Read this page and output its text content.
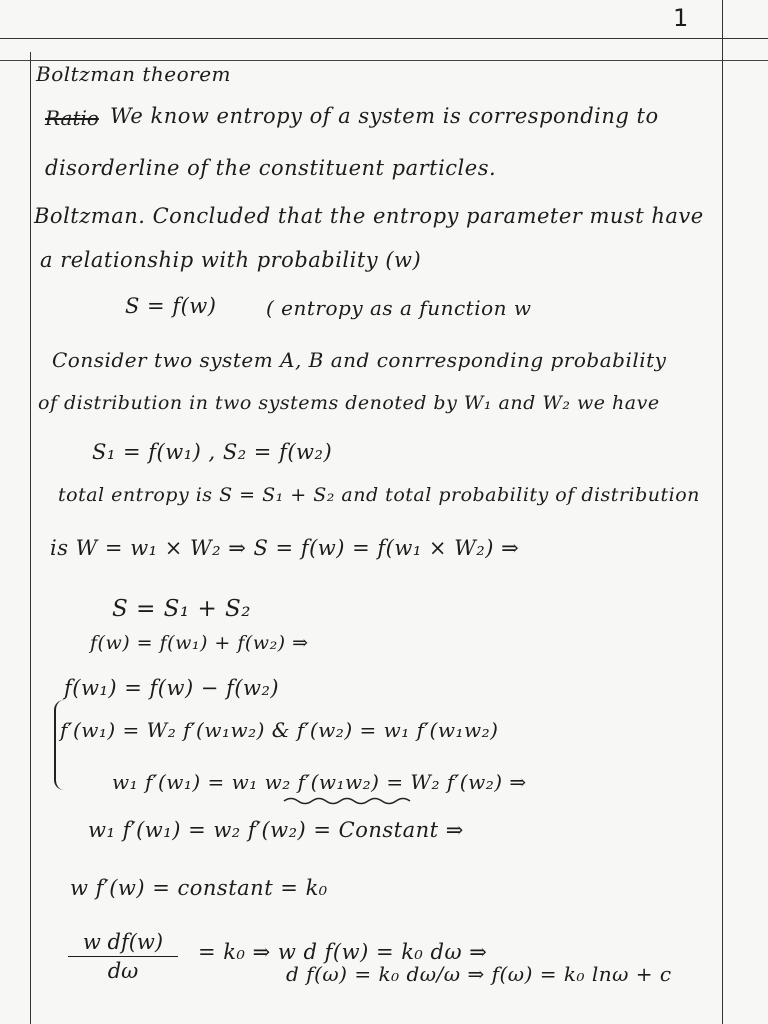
1
Boltzman theorem
Ratio We know entropy of a system is corresponding to
disorderline of the constituent particles.
Boltzman. Concluded that the entropy parameter must have
a relationship with probability (w)
S = f(w) ( entropy as a function w
Consider two system A, B and conrresponding probability
of distribution in two systems denoted by W₁ and W₂ we have
S₁ = f(w₁) , S₂ = f(w₂)
total entropy is S = S₁ + S₂ and total probability of distribution
is W = w₁ × W₂ ⇒ S = f(w) = f(w₁ × W₂) ⇒
S = S₁ + S₂
f(w) = f(w₁) + f(w₂) ⇒
f(w₁) = f(w) − f(w₂)
f′(w₁) = W₂ f′(w₁w₂) & f′(w₂) = w₁ f′(w₁w₂)
w₁ f′(w₁) = w₁ w₂ f′(w₁w₂) = W₂ f′(w₂) ⇒
w₁ f′(w₁) = w₂ f′(w₂) = Constant ⇒
w f′(w) = constant = k₀
$\frac{\text{w df(w)}}{d\omega} = k_0$ ⇒ w d f(w) = k₀ dω ⇒
d f(ω) = k₀ dω/ω ⇒ f(ω) = k₀ lnω + c
